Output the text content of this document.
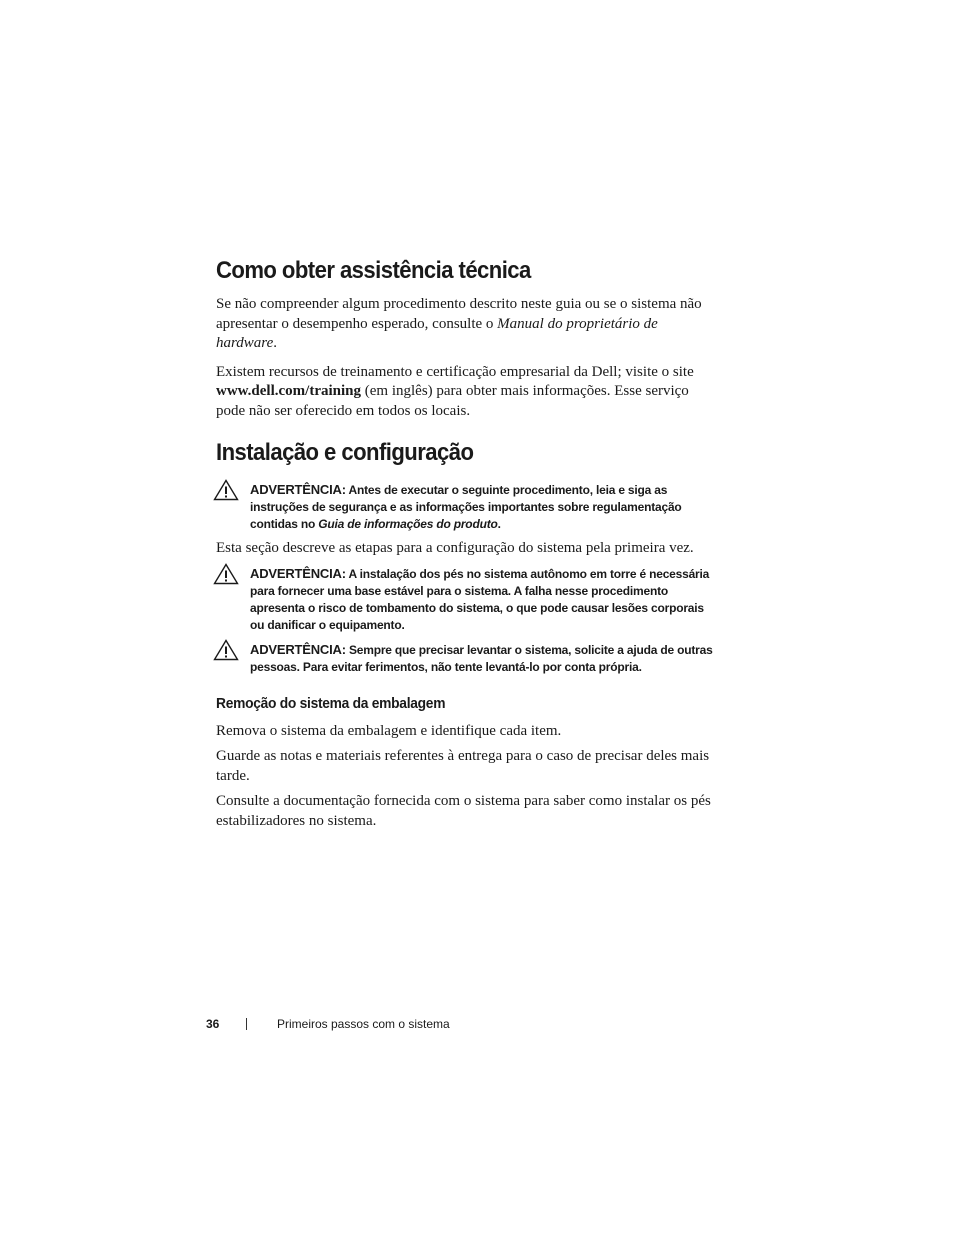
Como obter assistência técnica

Se não compreender algum procedimento descrito neste guia ou se o sistema não apresentar o desempenho esperado, consulte o Manual do proprietário de hardware.

Existem recursos de treinamento e certificação empresarial da Dell; visite o site www.dell.com/training (em inglês) para obter mais informações. Esse serviço pode não ser oferecido em todos os locais.

Instalação e configuração
ADVERTÊNCIA: Antes de executar o seguinte procedimento, leia e siga as instruções de segurança e as informações importantes sobre regulamentação contidas no Guia de informações do produto.

Esta seção descreve as etapas para a configuração do sistema pela primeira vez.

ADVERTÊNCIA: A instalação dos pés no sistema autônomo em torre é necessária para fornecer uma base estável para o sistema. A falha nesse procedimento apresenta o risco de tombamento do sistema, o que pode causar lesões corporais ou danificar o equipamento.
ADVERTÊNCIA: Sempre que precisar levantar o sistema, solicite a ajuda de outras pessoas. Para evitar ferimentos, não tente levantá-lo por conta própria.
Remoção do sistema da embalagem

Remova o sistema da embalagem e identifique cada item.

Guarde as notas e materiais referentes à entrega para o caso de precisar deles mais tarde.

Consulte a documentação fornecida com o sistema para saber como instalar os pés estabilizadores no sistema.

36	Primeiros passos com o sistema
